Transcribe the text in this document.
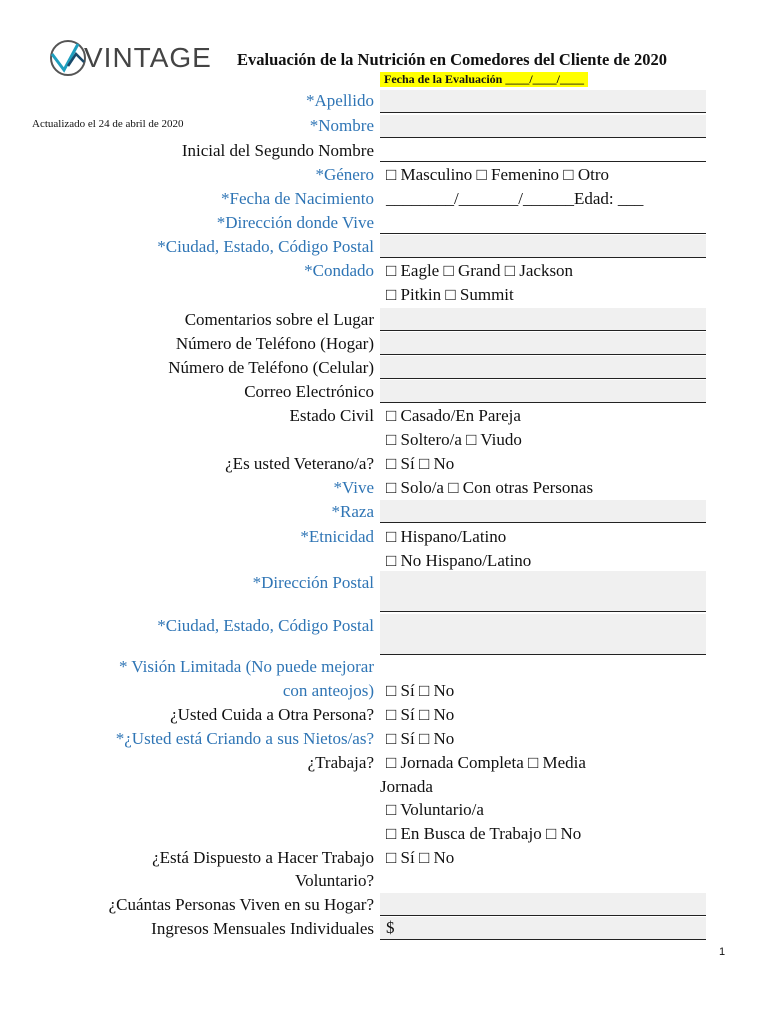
VINTAGE Evaluación de la Nutrición en Comedores del Cliente de 2020
Fecha de la Evaluación ____/____/____
Actualizado el 24 de abril de 2020
*Apellido
*Nombre
Inicial del Segundo Nombre
*Género □ Masculino □ Femenino □ Otro
*Fecha de Nacimiento ________/_______/______Edad: ___
*Dirección donde Vive
*Ciudad, Estado, Código Postal
*Condado □ Eagle □ Grand □ Jackson
□ Pitkin □ Summit
Comentarios sobre el Lugar
Número de Teléfono (Hogar)
Número de Teléfono (Celular)
Correo Electrónico
Estado Civil □ Casado/En Pareja
□ Soltero/a □ Viudo
¿Es usted Veterano/a? □ Sí □ No
*Vive □ Solo/a □ Con otras Personas
*Raza
*Etnicidad □ Hispano/Latino
□ No Hispano/Latino
*Dirección Postal
*Ciudad, Estado, Código Postal
* Visión Limitada (No puede mejorar
con anteojos) □ Sí □ No
¿Usted Cuida a Otra Persona? □ Sí □ No
*¿Usted está Criando a sus Nietos/as? □ Sí □ No
¿Trabaja? □ Jornada Completa □ Media
Jornada
□ Voluntario/a
□ En Busca de Trabajo □ No
¿Está Dispuesto a Hacer Trabajo
Voluntario?
□ Sí □ No
¿Cuántas Personas Viven en su Hogar?
Ingresos Mensuales Individuales $
1
